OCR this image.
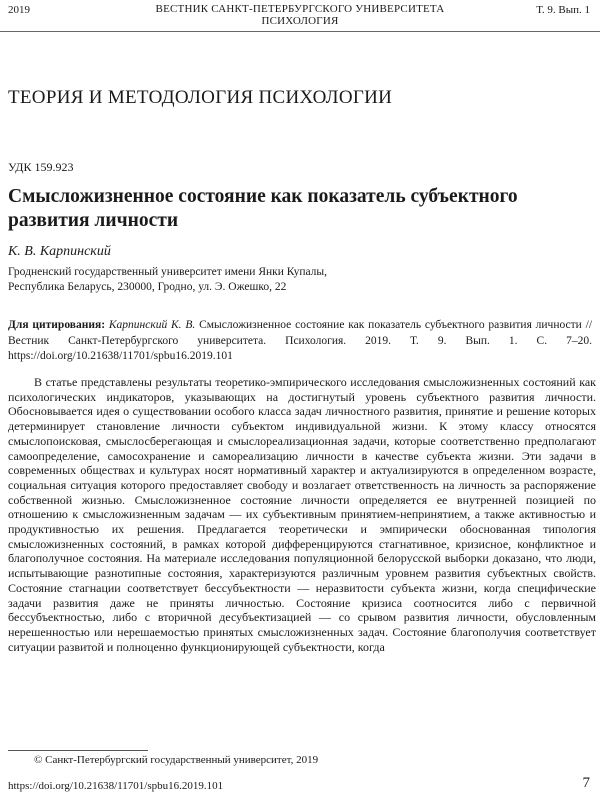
2019	ВЕСТНИК САНКТ-ПЕТЕРБУРГСКОГО УНИВЕРСИТЕТА
ПСИХОЛОГИЯ
Т. 9. Вып. 1
ТЕОРИЯ И МЕТОДОЛОГИЯ ПСИХОЛОГИИ
УДК 159.923
Смысложизненное состояние как показатель субъектного развития личности
К. В. Карпинский
Гродненский государственный университет имени Янки Купалы,
Республика Беларусь, 230000, Гродно, ул. Э. Ожешко, 22
Для цитирования: Карпинский К. В. Смысложизненное состояние как показатель субъектного развития личности // Вестник Санкт-Петербургского университета. Психология. 2019. Т. 9. Вып. 1. С. 7–20. https://doi.org/10.21638/11701/spbu16.2019.101

В статье представлены результаты теоретико-эмпирического исследования смысложизненных состояний как психологических индикаторов, указывающих на достигнутый уровень субъектного развития личности. Обосновывается идея о существовании особого класса задач личностного развития, принятие и решение которых детерминирует становление личности субъектом индивидуальной жизни. К этому классу относятся смыслопоисковая, смыслосберегающая и смыслореализационная задачи, которые соответственно предполагают самоопределение, самосохранение и самореализацию личности в качестве субъекта жизни. Эти задачи в современных обществах и культурах носят нормативный характер и актуализируются в определенном возрасте, социальная ситуация которого предоставляет свободу и возлагает ответственность на личность за распоряжение собственной жизнью. Смысложизненное состояние личности определяется ее внутренней позицией по отношению к смысложизненным задачам — их субъективным принятием-непринятием, а также активностью и продуктивностью их решения. Предлагается теоретически и эмпирически обоснованная типология смысложизненных состояний, в рамках которой дифференцируются стагнативное, кризисное, конфликтное и благополучное состояния. На материале исследования популяционной белорусской выборки доказано, что люди, испытывающие разнотипные состояния, характеризуются различным уровнем развития субъектных свойств. Состояние стагнации соответствует бессубъектности — неразвитости субъекта жизни, когда специфические задачи развития даже не приняты личностью. Состояние кризиса соотносится либо с первичной бессубъектностью, либо с вторичной десубъектизацией — со срывом развития личности, обусловленным нерешенностью или нерешаемостью принятых смысложизненных задач. Состояние благополучия соответствует ситуации развитой и полноценно функционирующей субъектности, когда

© Санкт-Петербургский государственный университет, 2019
https://doi.org/10.21638/11701/spbu16.2019.101	7
